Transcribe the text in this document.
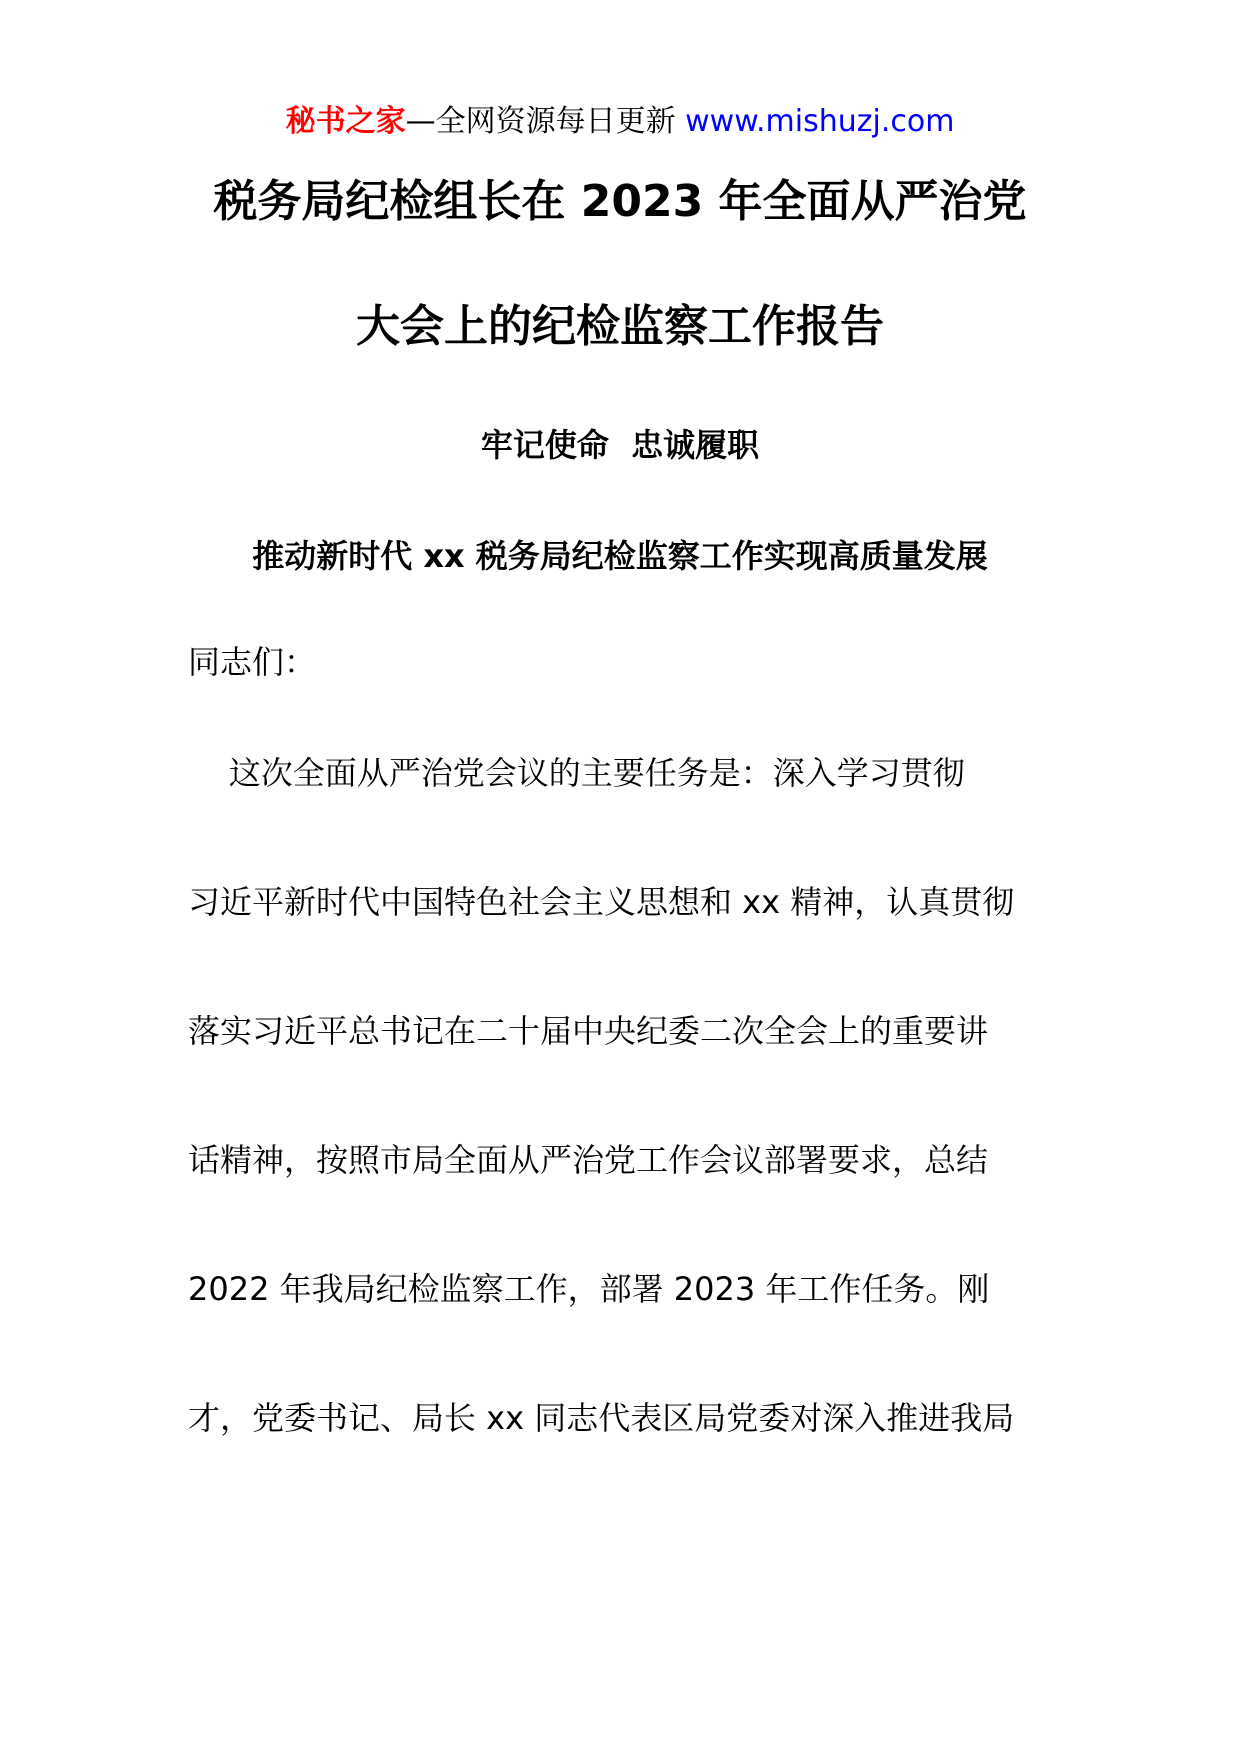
秘书之家—全网资源每日更新 www.mishuzj.com
税务局纪检组长在 2023 年全面从严治党
大会上的纪检监察工作报告
牢记使命  忠诚履职
推动新时代 xx 税务局纪检监察工作实现高质量发展
同志们：
这次全面从严治党会议的主要任务是：深入学习贯彻
习近平新时代中国特色社会主义思想和 xx 精神，认真贯彻
落实习近平总书记在二十届中央纪委二次全会上的重要讲
话精神，按照市局全面从严治党工作会议部署要求，总结
2022 年我局纪检监察工作，部署 2023 年工作任务。刚
才，党委书记、局长 xx 同志代表区局党委对深入推进我局
